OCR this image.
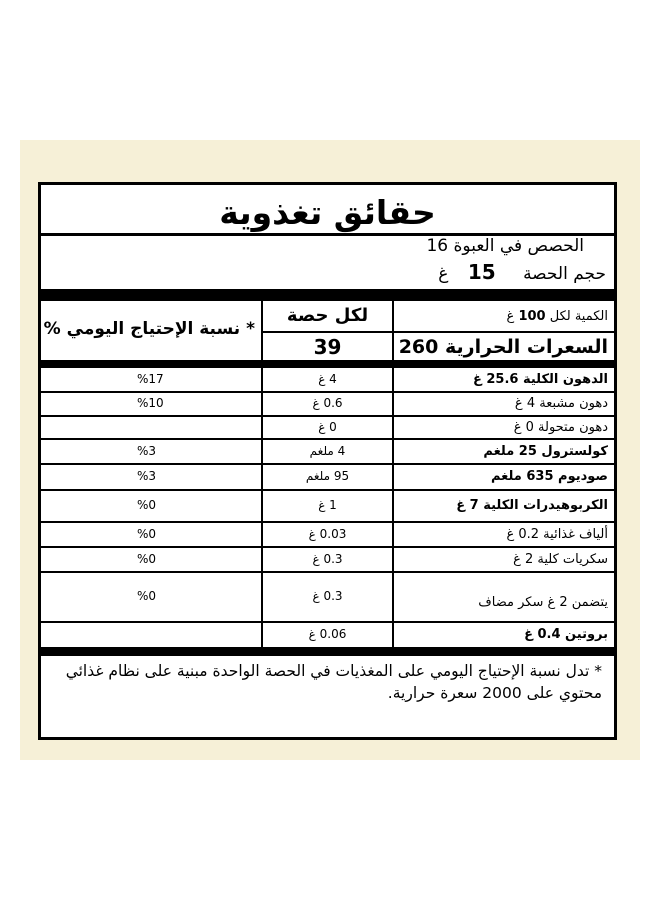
حقائق تغذوية
الحصص في العبوة 16
حجم الحصة 15 غ
الكمية لكل 100 غ
لكل حصة
* نسبة الإحتياج اليومي %
السعرات الحرارية 260
39
* تدل نسبة الإحتياج اليومي على المغذيات في الحصة الواحدة مبنية على نظام غذائي محتوي على 2000 سعرة حرارية.
الدهون الكلية 25.6 غ
4 غ
%17
دهون مشبعة 4 غ
0.6 غ
%10
دهون متحولة 0 غ
0 غ
كولسترول 25 ملغم
4 ملغم
%3
صوديوم 635 ملغم
95 ملغم
%3
الكربوهيدرات الكلية 7 غ
1 غ
%0
ألياف غذائية 0.2 غ
0.03 غ
%0
سكريات كلية 2 غ
0.3 غ
%0
يتضمن 2 غ سكر مضاف
0.3 غ
%0
بروتين 0.4 غ
0.06 غ
